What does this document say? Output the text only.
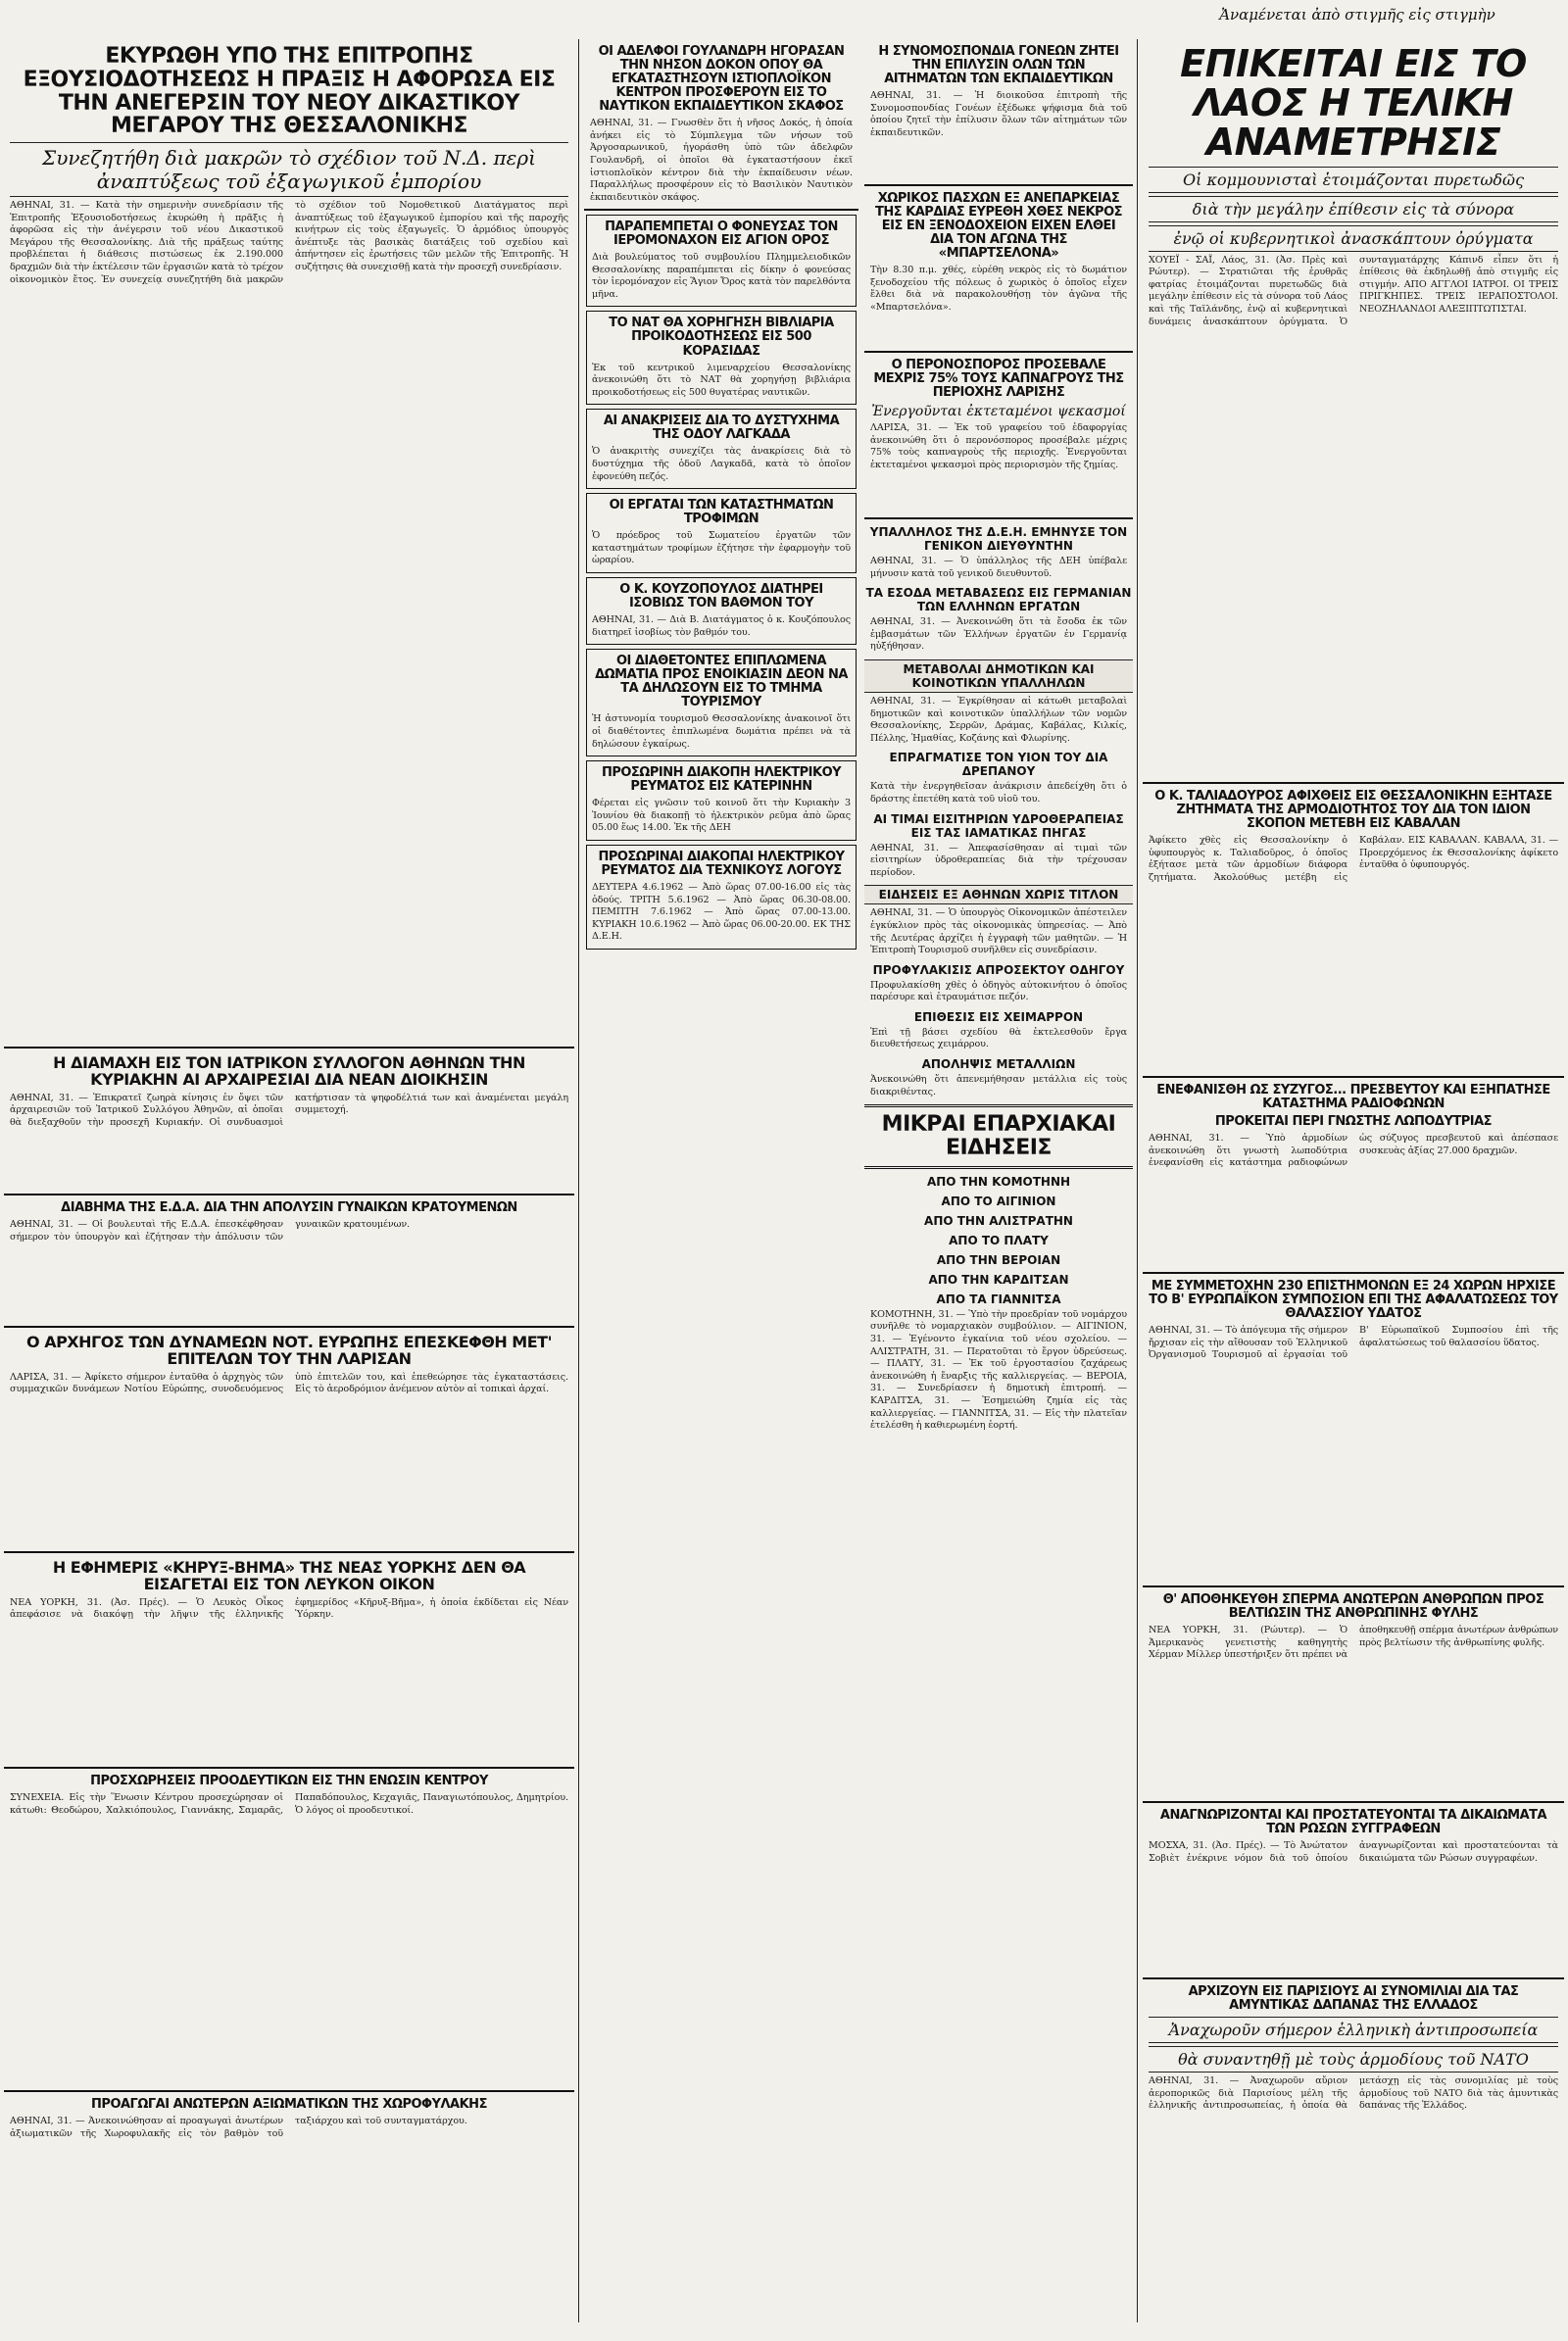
Ἀναμένεται ἀπὸ στιγμῆς εἰς στιγμὴν
ΕΚΥΡΩΘΗ ΥΠΟ ΤΗΣ ΕΠΙΤΡΟΠΗΣ ΕΞΟΥΣΙΟΔΟΤΗΣΕΩΣ Η ΠΡΑΞΙΣ Η ΑΦΟΡΩΣΑ ΕΙΣ ΤΗΝ ΑΝΕΓΕΡΣΙΝ ΤΟΥ ΝΕΟΥ ΔΙΚΑΣΤΙΚΟΥ ΜΕΓΑΡΟΥ ΤΗΣ ΘΕΣΣΑΛΟΝΙΚΗΣ
Συνεζητήθη διὰ μακρῶν τὸ σχέδιον τοῦ Ν.Δ. περὶ ἀναπτύξεως τοῦ ἐξαγωγικοῦ ἐμπορίου
ΑΘΗΝΑΙ, 31. — Κατὰ τὴν σημερινὴν συνεδρίασιν τῆς Ἐπιτροπῆς Ἐξουσιοδοτήσεως ἐκυρώθη ἡ πρᾶξις ἡ ἀφορῶσα εἰς τὴν ἀνέγερσιν τοῦ νέου Δικαστικοῦ Μεγάρου τῆς Θεσσαλονίκης. Διὰ τῆς πράξεως ταύτης προβλέπεται ἡ διάθεσις πιστώσεως ἐκ 2.190.000 δραχμῶν διὰ τὴν ἐκτέλεσιν τῶν ἐργασιῶν κατὰ τὸ τρέχον οἰκονομικὸν ἔτος. Ἐν συνεχείᾳ συνεζητήθη διὰ μακρῶν τὸ σχέδιον τοῦ Νομοθετικοῦ Διατάγματος περὶ ἀναπτύξεως τοῦ ἐξαγωγικοῦ ἐμπορίου καὶ τῆς παροχῆς κινήτρων εἰς τοὺς ἐξαγωγεῖς. Ὁ ἁρμόδιος ὑπουργὸς ἀνέπτυξε τὰς βασικὰς διατάξεις τοῦ σχεδίου καὶ ἀπήντησεν εἰς ἐρωτήσεις τῶν μελῶν τῆς Ἐπιτροπῆς. Ἡ συζήτησις θὰ συνεχισθῇ κατὰ τὴν προσεχῆ συνεδρίασιν.
Η ΔΙΑΜΑΧΗ ΕΙΣ ΤΟΝ ΙΑΤΡΙΚΟΝ ΣΥΛΛΟΓΟΝ ΑΘΗΝΩΝ ΤΗΝ ΚΥΡΙΑΚΗΝ ΑΙ ΑΡΧΑΙΡΕΣΙΑΙ ΔΙΑ ΝΕΑΝ ΔΙΟΙΚΗΣΙΝ
ΑΘΗΝΑΙ, 31. — Ἐπικρατεῖ ζωηρὰ κίνησις ἐν ὄψει τῶν ἀρχαιρεσιῶν τοῦ Ἰατρικοῦ Συλλόγου Ἀθηνῶν, αἱ ὁποῖαι θὰ διεξαχθοῦν τὴν προσεχῆ Κυριακήν. Οἱ συνδυασμοὶ κατήρτισαν τὰ ψηφοδέλτιά των καὶ ἀναμένεται μεγάλη συμμετοχή.
ΔΙΑΒΗΜΑ ΤΗΣ Ε.Δ.Α. ΔΙΑ ΤΗΝ ΑΠΟΛΥΣΙΝ ΓΥΝΑΙΚΩΝ ΚΡΑΤΟΥΜΕΝΩΝ
ΑΘΗΝΑΙ, 31. — Οἱ βουλευταὶ τῆς Ε.Δ.Α. ἐπεσκέφθησαν σήμερον τὸν ὑπουργὸν καὶ ἐζήτησαν τὴν ἀπόλυσιν τῶν γυναικῶν κρατουμένων.
Ο ΑΡΧΗΓΟΣ ΤΩΝ ΔΥΝΑΜΕΩΝ ΝΟΤ. ΕΥΡΩΠΗΣ ΕΠΕΣΚΕΦΘΗ ΜΕΤ' ΕΠΙΤΕΛΩΝ ΤΟΥ ΤΗΝ ΛΑΡΙΣΑΝ
ΛΑΡΙΣΑ, 31. — Ἀφίκετο σήμερον ἐνταῦθα ὁ ἀρχηγὸς τῶν συμμαχικῶν δυνάμεων Νοτίου Εὐρώπης, συνοδευόμενος ὑπὸ ἐπιτελῶν του, καὶ ἐπεθεώρησε τὰς ἐγκαταστάσεις. Εἰς τὸ ἀεροδρόμιον ἀνέμενον αὐτὸν αἱ τοπικαὶ ἀρχαί.
Η ΕΦΗΜΕΡΙΣ «ΚΗΡΥΞ-ΒΗΜΑ» ΤΗΣ ΝΕΑΣ ΥΟΡΚΗΣ ΔΕΝ ΘΑ ΕΙΣΑΓΕΤΑΙ ΕΙΣ ΤΟΝ ΛΕΥΚΟΝ ΟΙΚΟΝ
ΝΕΑ ΥΟΡΚΗ, 31. (Ἀσ. Πρές). — Ὁ Λευκὸς Οἶκος ἀπεφάσισε νὰ διακόψῃ τὴν λῆψιν τῆς ἑλληνικῆς ἐφημερίδος «Κῆρυξ-Βῆμα», ἡ ὁποία ἐκδίδεται εἰς Νέαν Ὑόρκην.
ΠΡΟΣΧΩΡΗΣΕΙΣ ΠΡΟΟΔΕΥΤΙΚΩΝ ΕΙΣ ΤΗΝ ΕΝΩΣΙΝ ΚΕΝΤΡΟΥ
ΣΥΝΕΧΕΙΑ. Εἰς τὴν Ἕνωσιν Κέντρου προσεχώρησαν οἱ κάτωθι: Θεοδώρου, Χαλκιόπουλος, Γιαννάκης, Σαμαρᾶς, Παπαδόπουλος, Κεχαγιᾶς, Παναγιωτόπουλος, Δημητρίου. Ὁ λόγος οἱ προοδευτικοί.
ΠΡΟΑΓΩΓΑΙ ΑΝΩΤΕΡΩΝ ΑΞΙΩΜΑΤΙΚΩΝ ΤΗΣ ΧΩΡΟΦΥΛΑΚΗΣ
ΑΘΗΝΑΙ, 31. — Ἀνεκοινώθησαν αἱ προαγωγαὶ ἀνωτέρων ἀξιωματικῶν τῆς Χωροφυλακῆς εἰς τὸν βαθμὸν τοῦ ταξιάρχου καὶ τοῦ συνταγματάρχου.
ΟΙ ΑΔΕΛΦΟΙ ΓΟΥΛΑΝΔΡΗ ΗΓΟΡΑΣΑΝ ΤΗΝ ΝΗΣΟΝ ΔΟΚΟΝ ΟΠΟΥ ΘΑ ΕΓΚΑΤΑΣΤΗΣΟΥΝ ΙΣΤΙΟΠΛΟΪΚΟΝ ΚΕΝΤΡΟΝ ΠΡΟΣΦΕΡΟΥΝ ΕΙΣ ΤΟ ΝΑΥΤΙΚΟΝ ΕΚΠΑΙΔΕΥΤΙΚΟΝ ΣΚΑΦΟΣ
ΑΘΗΝΑΙ, 31. — Γνωσθὲν ὅτι ἡ νῆσος Δοκός, ἡ ὁποία ἀνήκει εἰς τὸ Σύμπλεγμα τῶν νήσων τοῦ Ἀργοσαρωνικοῦ, ἠγοράσθη ὑπὸ τῶν ἀδελφῶν Γουλανδρῆ, οἱ ὁποῖοι θὰ ἐγκαταστήσουν ἐκεῖ ἱστιοπλοϊκὸν κέντρον διὰ τὴν ἐκπαίδευσιν νέων. Παραλλήλως προσφέρουν εἰς τὸ Βασιλικὸν Ναυτικὸν ἐκπαιδευτικὸν σκάφος.
ΠΑΡΑΠΕΜΠΕΤΑΙ Ο ΦΟΝΕΥΣΑΣ ΤΟΝ ΙΕΡΟΜΟΝΑΧΟΝ ΕΙΣ ΑΓΙΟΝ ΟΡΟΣ
Διὰ βουλεύματος τοῦ συμβουλίου Πλημμελειοδικῶν Θεσσαλονίκης παραπέμπεται εἰς δίκην ὁ φονεύσας τὸν ἱερομόναχον εἰς Ἅγιον Ὄρος κατὰ τὸν παρελθόντα μῆνα.
ΤΟ ΝΑΤ ΘΑ ΧΟΡΗΓΗΣΗ ΒΙΒΛΙΑΡΙΑ ΠΡΟΙΚΟΔΟΤΗΣΕΩΣ ΕΙΣ 500 ΚΟΡΑΣΙΔΑΣ
Ἐκ τοῦ κεντρικοῦ λιμεναρχείου Θεσσαλονίκης ἀνεκοινώθη ὅτι τὸ ΝΑΤ θὰ χορηγήσῃ βιβλιάρια προικοδοτήσεως εἰς 500 θυγατέρας ναυτικῶν.
ΑΙ ΑΝΑΚΡΙΣΕΙΣ ΔΙΑ ΤΟ ΔΥΣΤΥΧΗΜΑ ΤΗΣ ΟΔΟΥ ΛΑΓΚΑΔΑ
Ὁ ἀνακριτὴς συνεχίζει τὰς ἀνακρίσεις διὰ τὸ δυστύχημα τῆς ὁδοῦ Λαγκαδᾶ, κατὰ τὸ ὁποῖον ἐφονεύθη πεζός.
ΟΙ ΕΡΓΑΤΑΙ ΤΩΝ ΚΑΤΑΣΤΗΜΑΤΩΝ ΤΡΟΦΙΜΩΝ
Ὁ πρόεδρος τοῦ Σωματείου ἐργατῶν τῶν καταστημάτων τροφίμων ἐζήτησε τὴν ἐφαρμογὴν τοῦ ὡραρίου.
Ο Κ. ΚΟΥΖΟΠΟΥΛΟΣ ΔΙΑΤΗΡΕΙ ΙΣΟΒΙΩΣ ΤΟΝ ΒΑΘΜΟΝ ΤΟΥ
ΑΘΗΝΑΙ, 31. — Διὰ Β. Διατάγματος ὁ κ. Κουζόπουλος διατηρεῖ ἰσοβίως τὸν βαθμόν του.
ΟΙ ΔΙΑΘΕΤΟΝΤΕΣ ΕΠΙΠΛΩΜΕΝΑ ΔΩΜΑΤΙΑ ΠΡΟΣ ΕΝΟΙΚΙΑΣΙΝ ΔΕΟΝ ΝΑ ΤΑ ΔΗΛΩΣΟΥΝ ΕΙΣ ΤΟ ΤΜΗΜΑ ΤΟΥΡΙΣΜΟΥ
Ἡ ἀστυνομία τουρισμοῦ Θεσσαλονίκης ἀνακοινοῖ ὅτι οἱ διαθέτοντες ἐπιπλωμένα δωμάτια πρέπει νὰ τὰ δηλώσουν ἐγκαίρως.
ΠΡΟΣΩΡΙΝΗ ΔΙΑΚΟΠΗ ΗΛΕΚΤΡΙΚΟΥ ΡΕΥΜΑΤΟΣ ΕΙΣ ΚΑΤΕΡΙΝΗΝ
Φέρεται εἰς γνῶσιν τοῦ κοινοῦ ὅτι τὴν Κυριακὴν 3 Ἰουνίου θὰ διακοπῇ τὸ ἠλεκτρικὸν ρεῦμα ἀπὸ ὥρας 05.00 ἕως 14.00. Ἐκ τῆς ΔΕΗ
ΠΡΟΣΩΡΙΝΑΙ ΔΙΑΚΟΠΑΙ ΗΛΕΚΤΡΙΚΟΥ ΡΕΥΜΑΤΟΣ ΔΙΑ ΤΕΧΝΙΚΟΥΣ ΛΟΓΟΥΣ
ΔΕΥΤΕΡΑ 4.6.1962 — Ἀπὸ ὥρας 07.00-16.00 εἰς τὰς ὁδούς. ΤΡΙΤΗ 5.6.1962 — Ἀπὸ ὥρας 06.30-08.00. ΠΕΜΠΤΗ 7.6.1962 — Ἀπὸ ὥρας 07.00-13.00. ΚΥΡΙΑΚΗ 10.6.1962 — Ἀπὸ ὥρας 06.00-20.00. ΕΚ ΤΗΣ Δ.Ε.Η.
Η ΣΥΝΟΜΟΣΠΟΝΔΙΑ ΓΟΝΕΩΝ ΖΗΤΕΙ ΤΗΝ ΕΠΙΛΥΣΙΝ ΟΛΩΝ ΤΩΝ ΑΙΤΗΜΑΤΩΝ ΤΩΝ ΕΚΠΑΙΔΕΥΤΙΚΩΝ
ΑΘΗΝΑΙ, 31. — Ἡ διοικοῦσα ἐπιτροπὴ τῆς Συνομοσπονδίας Γονέων ἐξέδωκε ψήφισμα διὰ τοῦ ὁποίου ζητεῖ τὴν ἐπίλυσιν ὅλων τῶν αἰτημάτων τῶν ἐκπαιδευτικῶν.
ΧΩΡΙΚΟΣ ΠΑΣΧΩΝ ΕΞ ΑΝΕΠΑΡΚΕΙΑΣ ΤΗΣ ΚΑΡΔΙΑΣ ΕΥΡΕΘΗ ΧΘΕΣ ΝΕΚΡΟΣ ΕΙΣ ΕΝ ΞΕΝΟΔΟΧΕΙΟΝ ΕΙΧΕΝ ΕΛΘΕΙ ΔΙΑ ΤΟΝ ΑΓΩΝΑ ΤΗΣ «ΜΠΑΡΤΣΕΛΟΝΑ»
Τὴν 8.30 π.μ. χθές, εὑρέθη νεκρὸς εἰς τὸ δωμάτιον ξενοδοχείου τῆς πόλεως ὁ χωρικὸς ὁ ὁποῖος εἶχεν ἔλθει διὰ νὰ παρακολουθήσῃ τὸν ἀγῶνα τῆς «Μπαρτσελόνα».
Ο ΠΕΡΟΝΟΣΠΟΡΟΣ ΠΡΟΣΕΒΑΛΕ ΜΕΧΡΙΣ 75% ΤΟΥΣ ΚΑΠΝΑΓΡΟΥΣ ΤΗΣ ΠΕΡΙΟΧΗΣ ΛΑΡΙΣΗΣ
Ἐνεργοῦνται ἐκτεταμένοι ψεκασμοί
ΛΑΡΙΣΑ, 31. — Ἐκ τοῦ γραφείου τοῦ ἐδαφοργίας ἀνεκοινώθη ὅτι ὁ περονόσπορος προσέβαλε μέχρις 75% τοὺς καπναγροὺς τῆς περιοχῆς. Ἐνεργοῦνται ἐκτεταμένοι ψεκασμοὶ πρὸς περιορισμὸν τῆς ζημίας.
ΥΠΑΛΛΗΛΟΣ ΤΗΣ Δ.Ε.Η. ΕΜΗΝΥΣΕ ΤΟΝ ΓΕΝΙΚΟΝ ΔΙΕΥΘΥΝΤΗΝ
ΑΘΗΝΑΙ, 31. — Ὁ ὑπάλληλος τῆς ΔΕΗ ὑπέβαλε μήνυσιν κατὰ τοῦ γενικοῦ διευθυντοῦ.
ΤΑ ΕΣΟΔΑ ΜΕΤΑΒΑΣΕΩΣ ΕΙΣ ΓΕΡΜΑΝΙΑΝ ΤΩΝ ΕΛΛΗΝΩΝ ΕΡΓΑΤΩΝ
ΑΘΗΝΑΙ, 31. — Ἀνεκοινώθη ὅτι τὰ ἔσοδα ἐκ τῶν ἐμβασμάτων τῶν Ἑλλήνων ἐργατῶν ἐν Γερμανίᾳ ηὐξήθησαν.
ΜΕΤΑΒΟΛΑΙ ΔΗΜΟΤΙΚΩΝ ΚΑΙ ΚΟΙΝΟΤΙΚΩΝ ΥΠΑΛΛΗΛΩΝ
ΑΘΗΝΑΙ, 31. — Ἐγκρίθησαν αἱ κάτωθι μεταβολαὶ δημοτικῶν καὶ κοινοτικῶν ὑπαλλήλων τῶν νομῶν Θεσσαλονίκης, Σερρῶν, Δράμας, Καβάλας, Κιλκίς, Πέλλης, Ἠμαθίας, Κοζάνης καὶ Φλωρίνης.
ΕΠΡΑΓΜΑΤΙΣΕ ΤΟΝ ΥΙΟΝ ΤΟΥ ΔΙΑ ΔΡΕΠΑΝΟΥ
Κατὰ τὴν ἐνεργηθεῖσαν ἀνάκρισιν ἀπεδείχθη ὅτι ὁ δράστης ἐπετέθη κατὰ τοῦ υἱοῦ του.
ΑΙ ΤΙΜΑΙ ΕΙΣΙΤΗΡΙΩΝ ΥΔΡΟΘΕΡΑΠΕΙΑΣ ΕΙΣ ΤΑΣ ΙΑΜΑΤΙΚΑΣ ΠΗΓΑΣ
ΑΘΗΝΑΙ, 31. — Ἀπεφασίσθησαν αἱ τιμαὶ τῶν εἰσιτηρίων ὑδροθεραπείας διὰ τὴν τρέχουσαν περίοδον.
ΕΙΔΗΣΕΙΣ ΕΞ ΑΘΗΝΩΝ ΧΩΡΙΣ ΤΙΤΛΟΝ
ΑΘΗΝΑΙ, 31. — Ὁ ὑπουργὸς Οἰκονομικῶν ἀπέστειλεν ἐγκύκλιον πρὸς τὰς οἰκονομικὰς ὑπηρεσίας. — Ἀπὸ τῆς Δευτέρας ἀρχίζει ἡ ἐγγραφὴ τῶν μαθητῶν. — Ἡ Ἐπιτροπὴ Τουρισμοῦ συνῆλθεν εἰς συνεδρίασιν.
ΠΡΟΦΥΛΑΚΙΣΙΣ ΑΠΡΟΣΕΚΤΟΥ ΟΔΗΓΟΥ
Προφυλακίσθη χθὲς ὁ ὁδηγὸς αὐτοκινήτου ὁ ὁποῖος παρέσυρε καὶ ἐτραυμάτισε πεζόν.
ΕΠΙΘΕΣΙΣ ΕΙΣ ΧΕΙΜΑΡΡΟΝ
Ἐπὶ τῇ βάσει σχεδίου θὰ ἐκτελεσθοῦν ἔργα διευθετήσεως χειμάρρου.
ΑΠΟΛΗΨΙΣ ΜΕΤΑΛΛΙΩΝ
Ἀνεκοινώθη ὅτι ἀπενεμήθησαν μετάλλια εἰς τοὺς διακριθέντας.
ΜΙΚΡΑΙ ΕΠΑΡΧΙΑΚΑΙ ΕΙΔΗΣΕΙΣ
ΑΠΟ ΤΗΝ ΚΟΜΟΤΗΝΗ
ΑΠΟ ΤΟ ΑΙΓΙΝΙΟΝ
ΑΠΟ ΤΗΝ ΑΛΙΣΤΡΑΤΗΝ
ΑΠΟ ΤΟ ΠΛΑΤΥ
ΑΠΟ ΤΗΝ ΒΕΡΟΙΑΝ
ΑΠΟ ΤΗΝ ΚΑΡΔΙΤΣΑΝ
ΑΠΟ ΤΑ ΓΙΑΝΝΙΤΣΑ
ΚΟΜΟΤΗΝΗ, 31. — Ὑπὸ τὴν προεδρίαν τοῦ νομάρχου συνῆλθε τὸ νομαρχιακὸν συμβούλιον. — ΑΙΓΙΝΙΟΝ, 31. — Ἐγένοντο ἐγκαίνια τοῦ νέου σχολείου. — ΑΛΙΣΤΡΑΤΗ, 31. — Περατοῦται τὸ ἔργον ὑδρεύσεως. — ΠΛΑΤΥ, 31. — Ἐκ τοῦ ἐργοστασίου ζαχάρεως ἀνεκοινώθη ἡ ἔναρξις τῆς καλλιεργείας. — ΒΕΡΟΙΑ, 31. — Συνεδρίασεν ἡ δημοτικὴ ἐπιτροπή. — ΚΑΡΔΙΤΣΑ, 31. — Ἐσημειώθη ζημία εἰς τὰς καλλιεργείας. — ΓΙΑΝΝΙΤΣΑ, 31. — Εἰς τὴν πλατεῖαν ἐτελέσθη ἡ καθιερωμένη ἑορτή.
ΕΠΙΚΕΙΤΑΙ ΕΙΣ ΤΟ ΛΑΟΣ Η ΤΕΛΙΚΗ ΑΝΑΜΕΤΡΗΣΙΣ
Οἱ κομμουνισταὶ ἑτοιμάζονται πυρετωδῶς
διὰ τὴν μεγάλην ἐπίθεσιν εἰς τὰ σύνορα
ἐνῷ οἱ κυβερνητικοὶ ἀνασκάπτουν ὀρύγματα
ΧΟΥΕΪ - ΣΑΪ, Λάος, 31. (Ἀσ. Πρὲς καὶ Ρώυτερ). — Στρατιῶται τῆς ἑρυθρᾶς φατρίας ἐτοιμάζονται πυρετωδῶς διὰ μεγάλην ἐπίθεσιν εἰς τὰ σύνορα τοῦ Λάος καὶ τῆς Ταϊλάνδης, ἐνῷ αἱ κυβερνητικαὶ δυνάμεις ἀνασκάπτουν ὀρύγματα. Ὁ συνταγματάρχης Κάπινδ εἶπεν ὅτι ἡ ἐπίθεσις θὰ ἐκδηλωθῇ ἀπὸ στιγμῆς εἰς στιγμήν. ΑΠΟ ΑΓΓΛΟΙ ΙΑΤΡΟΙ. ΟΙ ΤΡΕΙΣ ΠΡΙΓΚΗΠΕΣ. ΤΡΕΙΣ ΙΕΡΑΠΟΣΤΟΛΟΙ. ΝΕΟΖΗΛΑΝΔΟΙ ΑΛΕΞΙΠΤΩΤΙΣΤΑΙ.
Ο Κ. ΤΑΛΙΑΔΟΥΡΟΣ ΑΦΙΧΘΕΙΣ ΕΙΣ ΘΕΣΣΑΛΟΝΙΚΗΝ ΕΞΗΤΑΣΕ ΖΗΤΗΜΑΤΑ ΤΗΣ ΑΡΜΟΔΙΟΤΗΤΟΣ ΤΟΥ ΔΙΑ ΤΟΝ ΙΔΙΟΝ ΣΚΟΠΟΝ ΜΕΤΕΒΗ ΕΙΣ ΚΑΒΑΛΑΝ
Ἀφίκετο χθὲς εἰς Θεσσαλονίκην ὁ ὑφυπουργὸς κ. Ταλιαδοῦρος, ὁ ὁποῖος ἐξήτασε μετὰ τῶν ἁρμοδίων διάφορα ζητήματα. Ἀκολούθως μετέβη εἰς Καβάλαν. ΕΙΣ ΚΑΒΑΛΑΝ. ΚΑΒΑΛΑ, 31. — Προερχόμενος ἐκ Θεσσαλονίκης ἀφίκετο ἐνταῦθα ὁ ὑφυπουργός.
ΕΝΕΦΑΝΙΣΘΗ ΩΣ ΣΥΖΥΓΟΣ... ΠΡΕΣΒΕΥΤΟΥ ΚΑΙ ΕΞΗΠΑΤΗΣΕ ΚΑΤΑΣΤΗΜΑ ΡΑΔΙΟΦΩΝΩΝ
ΠΡΟΚΕΙΤΑΙ ΠΕΡΙ ΓΝΩΣΤΗΣ ΛΩΠΟΔΥΤΡΙΑΣ
ΑΘΗΝΑΙ, 31. — Ὑπὸ ἀρμοδίων ἀνεκοινώθη ὅτι γνωστὴ λωποδύτρια ἐνεφανίσθη εἰς κατάστημα ραδιοφώνων ὡς σύζυγος πρεσβευτοῦ καὶ ἀπέσπασε συσκευὰς ἀξίας 27.000 δραχμῶν.
ΜΕ ΣΥΜΜΕΤΟΧΗΝ 230 ΕΠΙΣΤΗΜΟΝΩΝ ΕΞ 24 ΧΩΡΩΝ ΗΡΧΙΣΕ ΤΟ Β' ΕΥΡΩΠΑΪΚΟΝ ΣΥΜΠΟΣΙΟΝ ΕΠΙ ΤΗΣ ΑΦΑΛΑΤΩΣΕΩΣ ΤΟΥ ΘΑΛΑΣΣΙΟΥ ΥΔΑΤΟΣ
ΑΘΗΝΑΙ, 31. — Τὸ ἀπόγευμα τῆς σήμερον ἤρχισαν εἰς τὴν αἴθουσαν τοῦ Ἑλληνικοῦ Ὀργανισμοῦ Τουρισμοῦ αἱ ἐργασίαι τοῦ Β' Εὐρωπαϊκοῦ Συμποσίου ἐπὶ τῆς ἀφαλατώσεως τοῦ θαλασσίου ὕδατος.
Θ' ΑΠΟΘΗΚΕΥΘΗ ΣΠΕΡΜΑ ΑΝΩΤΕΡΩΝ ΑΝΘΡΩΠΩΝ ΠΡΟΣ ΒΕΛΤΙΩΣΙΝ ΤΗΣ ΑΝΘΡΩΠΙΝΗΣ ΦΥΛΗΣ
ΝΕΑ ΥΟΡΚΗ, 31. (Ρώυτερ). — Ὁ Ἀμερικανὸς γενετιστὴς καθηγητὴς Χέρμαν Μίλλερ ὑπεστήριξεν ὅτι πρέπει νὰ ἀποθηκευθῇ σπέρμα ἀνωτέρων ἀνθρώπων πρὸς βελτίωσιν τῆς ἀνθρωπίνης φυλῆς.
ΑΝΑΓΝΩΡΙΖΟΝΤΑΙ ΚΑΙ ΠΡΟΣΤΑΤΕΥΟΝΤΑΙ ΤΑ ΔΙΚΑΙΩΜΑΤΑ ΤΩΝ ΡΩΣΩΝ ΣΥΓΓΡΑΦΕΩΝ
ΜΟΣΧΑ, 31. (Ἀσ. Πρές). — Τὸ Ἀνώτατον Σοβιὲτ ἐνέκρινε νόμον διὰ τοῦ ὁποίου ἀναγνωρίζονται καὶ προστατεύονται τὰ δικαιώματα τῶν Ρώσων συγγραφέων.
ΑΡΧΙΖΟΥΝ ΕΙΣ ΠΑΡΙΣΙΟΥΣ ΑΙ ΣΥΝΟΜΙΛΙΑΙ ΔΙΑ ΤΑΣ ΑΜΥΝΤΙΚΑΣ ΔΑΠΑΝΑΣ ΤΗΣ ΕΛΛΑΔΟΣ
Ἀναχωροῦν σήμερον ἑλληνικὴ ἀντιπροσωπεία
θὰ συναντηθῇ μὲ τοὺς ἁρμοδίους τοῦ ΝΑΤΟ
ΑΘΗΝΑΙ, 31. — Ἀναχωροῦν αὔριον ἀεροπορικῶς διὰ Παρισίους μέλη τῆς ἑλληνικῆς ἀντιπροσωπείας, ἡ ὁποία θὰ μετάσχῃ εἰς τὰς συνομιλίας μὲ τοὺς ἁρμοδίους τοῦ ΝΑΤΟ διὰ τὰς ἀμυντικὰς δαπάνας τῆς Ἑλλάδος.
